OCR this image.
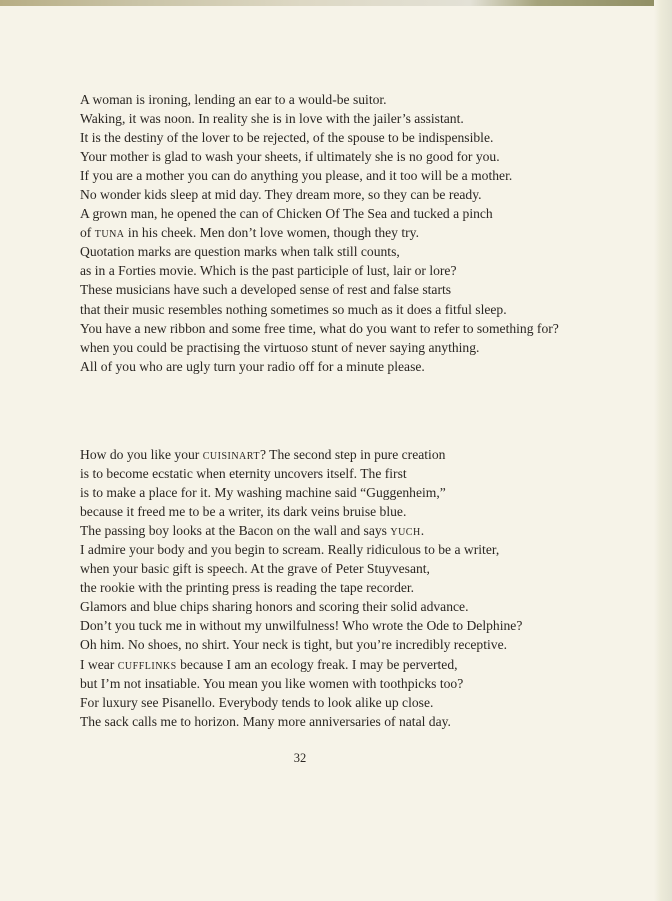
A woman is ironing, lending an ear to a would-be suitor.
Waking, it was noon. In reality she is in love with the jailer’s assistant.
It is the destiny of the lover to be rejected, of the spouse to be indispensible.
Your mother is glad to wash your sheets, if ultimately she is no good for you.
If you are a mother you can do anything you please, and it too will be a mother.
No wonder kids sleep at mid day. They dream more, so they can be ready.
A grown man, he opened the can of Chicken Of The Sea and tucked a pinch
of tuna in his cheek. Men don’t love women, though they try.
Quotation marks are question marks when talk still counts,
as in a Forties movie. Which is the past participle of lust, lair or lore?
These musicians have such a developed sense of rest and false starts
that their music resembles nothing sometimes so much as it does a fitful sleep.
You have a new ribbon and some free time, what do you want to refer to something for?
when you could be practising the virtuoso stunt of never saying anything.
All of you who are ugly turn your radio off for a minute please.
How do you like your cuisinart? The second step in pure creation
is to become ecstatic when eternity uncovers itself. The first
is to make a place for it. My washing machine said “Guggenheim,”
because it freed me to be a writer, its dark veins bruise blue.
The passing boy looks at the Bacon on the wall and says yuch.
I admire your body and you begin to scream. Really ridiculous to be a writer,
when your basic gift is speech. At the grave of Peter Stuyvesant,
the rookie with the printing press is reading the tape recorder.
Glamors and blue chips sharing honors and scoring their solid advance.
Don’t you tuck me in without my unwilfulness! Who wrote the Ode to Delphine?
Oh him. No shoes, no shirt. Your neck is tight, but you’re incredibly receptive.
I wear cufflinks because I am an ecology freak. I may be perverted,
but I’m not insatiable. You mean you like women with toothpicks too?
For luxury see Pisanello. Everybody tends to look alike up close.
The sack calls me to horizon. Many more anniversaries of natal day.
32
